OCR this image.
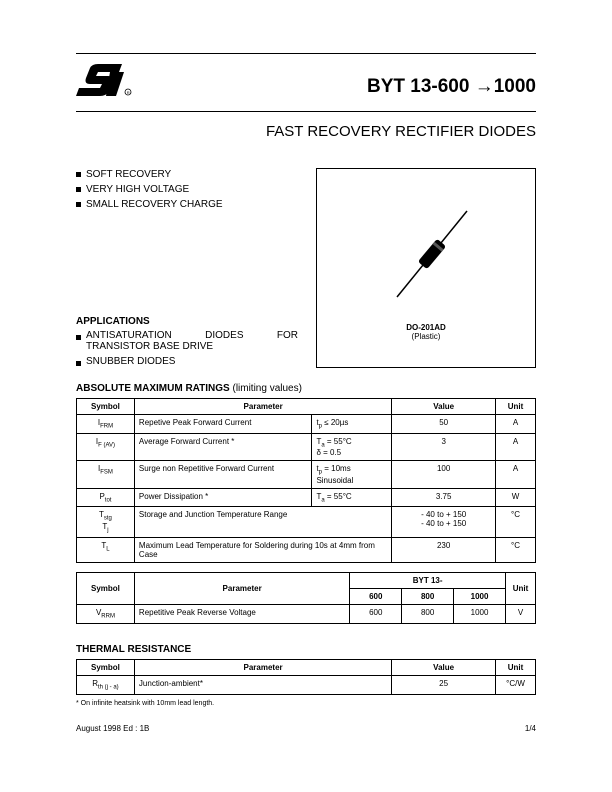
R	BYT 13-600 →1000
FAST RECOVERY RECTIFIER DIODES
SOFT RECOVERY
VERY HIGH VOLTAGE
SMALL RECOVERY CHARGE
DO-201AD
(Plastic)
APPLICATIONS
ANTISATURATION DIODES FOR TRANSISTOR BASE DRIVE
SNUBBER DIODES
ABSOLUTE MAXIMUM RATINGS (limiting values)
Symbol	Parameter		Value	Unit
$I_{FRM}$	Repetive Peak Forward Current	$t_p \le 20\mu s$	50	A
$I_{F (AV)}$	Average Forward Current *	$T_a = 55^\circ C$
δ = 0.5	3	A
$I_{FSM}$	Surge non Repetitive Forward Current	$t_p = 10ms$
Sinusoidal	100	A
$P_{tot}$	Power Dissipation *	$T_a = 55^\circ C$	3.75	W
$T_{stg}$
$T_j$	Storage and Junction Temperature Range		- 40 to + 150
- 40 to + 150	°C
$T_L$	Maximum Lead Temperature for Soldering during 10s at 4mm from Case		230	°C
Symbol	Parameter	BYT 13-			Unit
		600	800	1000	
$V_{RRM}$	Repetitive Peak Reverse Voltage	600	800	1000	V
THERMAL RESISTANCE
Symbol	Parameter	Value	Unit
$R_{th (j - a)}$	Junction-ambient*	25	°C/W
* On infinite heatsink with 10mm lead length.
August 1998 Ed : 1B	1/4
